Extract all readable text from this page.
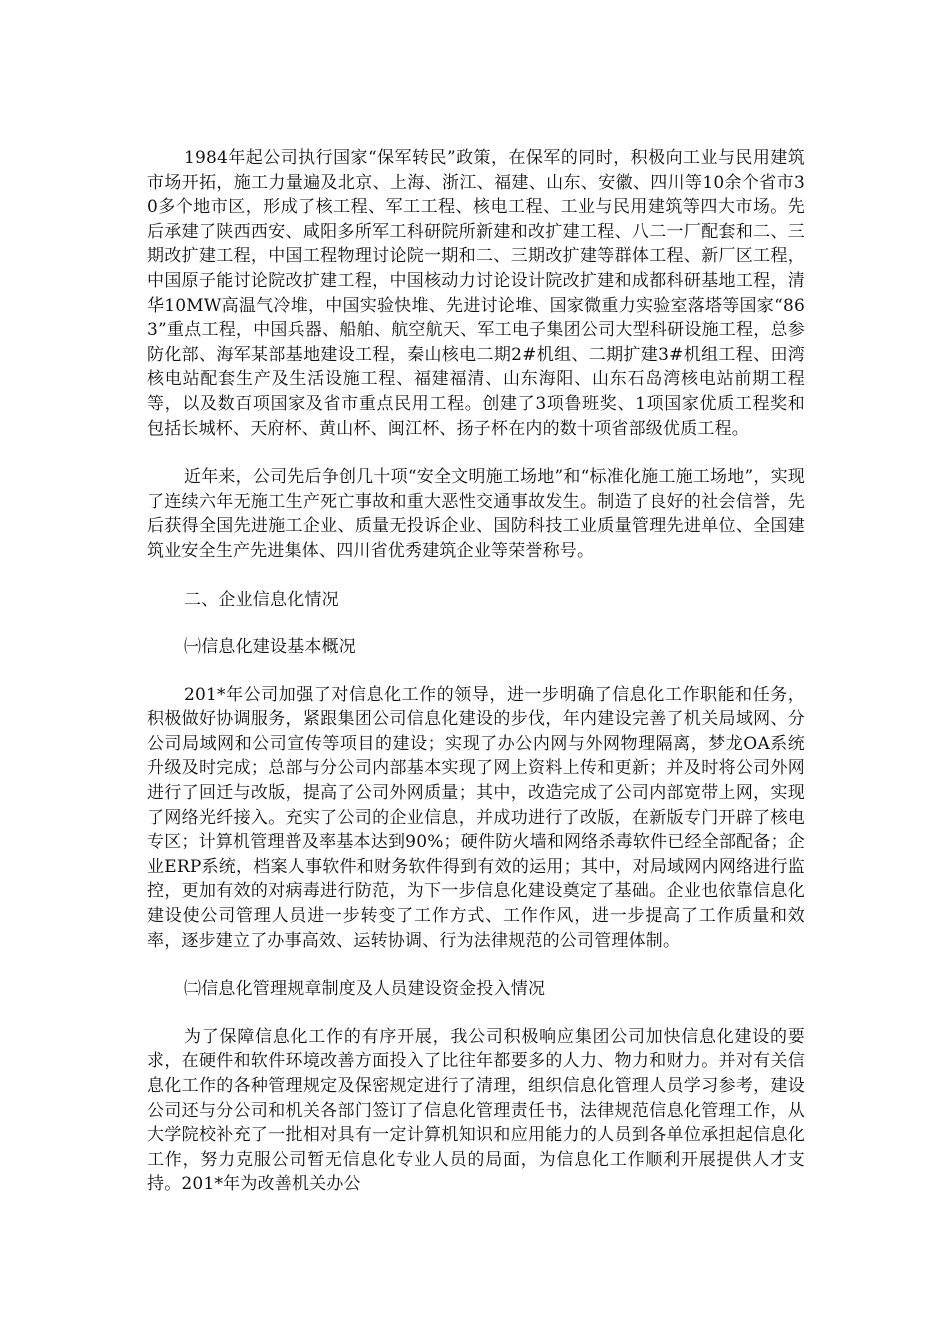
1984年起公司执行国家“保军转民”政策，在保军的同时，积极向工业与民用建筑市场开拓，施工力量遍及北京、上海、浙江、福建、山东、安徽、四川等10余个省市30多个地市区，形成了核工程、军工工程、核电工程、工业与民用建筑等四大市场。先后承建了陕西西安、咸阳多所军工科研院所新建和改扩建工程、八二一厂配套和二、三期改扩建工程，中国工程物理讨论院一期和二、三期改扩建等群体工程、新厂区工程，中国原子能讨论院改扩建工程，中国核动力讨论设计院改扩建和成都科研基地工程，清华10MW高温气冷堆，中国实验快堆、先进讨论堆、国家微重力实验室落塔等国家“863”重点工程，中国兵器、船舶、航空航天、军工电子集团公司大型科研设施工程，总参防化部、海军某部基地建设工程，秦山核电二期2#机组、二期扩建3#机组工程、田湾核电站配套生产及生活设施工程、福建福清、山东海阳、山东石岛湾核电站前期工程等，以及数百项国家及省市重点民用工程。创建了3项鲁班奖、1项国家优质工程奖和包括长城杯、天府杯、黄山杯、闽江杯、扬子杯在内的数十项省部级优质工程。

近年来，公司先后争创几十项“安全文明施工场地”和“标准化施工施工场地”，实现了连续六年无施工生产死亡事故和重大恶性交通事故发生。制造了良好的社会信誉，先后获得全国先进施工企业、质量无投诉企业、国防科技工业质量管理先进单位、全国建筑业安全生产先进集体、四川省优秀建筑企业等荣誉称号。

二、企业信息化情况

㈠信息化建设基本概况

201*年公司加强了对信息化工作的领导，进一步明确了信息化工作职能和任务，积极做好协调服务，紧跟集团公司信息化建设的步伐，年内建设完善了机关局域网、分公司局域网和公司宣传等项目的建设；实现了办公内网与外网物理隔离，梦龙OA系统升级及时完成；总部与分公司内部基本实现了网上资料上传和更新；并及时将公司外网进行了回迁与改版，提高了公司外网质量；其中，改造完成了公司内部宽带上网，实现了网络光纤接入。充实了公司的企业信息，并成功进行了改版，在新版专门开辟了核电专区；计算机管理普及率基本达到90%；硬件防火墙和网络杀毒软件已经全部配备；企业ERP系统，档案人事软件和财务软件得到有效的运用；其中，对局域网内网络进行监控，更加有效的对病毒进行防范，为下一步信息化建设奠定了基础。企业也依靠信息化建设使公司管理人员进一步转变了工作方式、工作作风，进一步提高了工作质量和效率，逐步建立了办事高效、运转协调、行为法律规范的公司管理体制。

㈡信息化管理规章制度及人员建设资金投入情况

为了保障信息化工作的有序开展，我公司积极响应集团公司加快信息化建设的要求，在硬件和软件环境改善方面投入了比往年都要多的人力、物力和财力。并对有关信息化工作的各种管理规定及保密规定进行了清理，组织信息化管理人员学习参考，建设公司还与分公司和机关各部门签订了信息化管理责任书，法律规范信息化管理工作，从大学院校补充了一批相对具有一定计算机知识和应用能力的人员到各单位承担起信息化工作，努力克服公司暂无信息化专业人员的局面，为信息化工作顺利开展提供人才支持。201*年为改善机关办公
